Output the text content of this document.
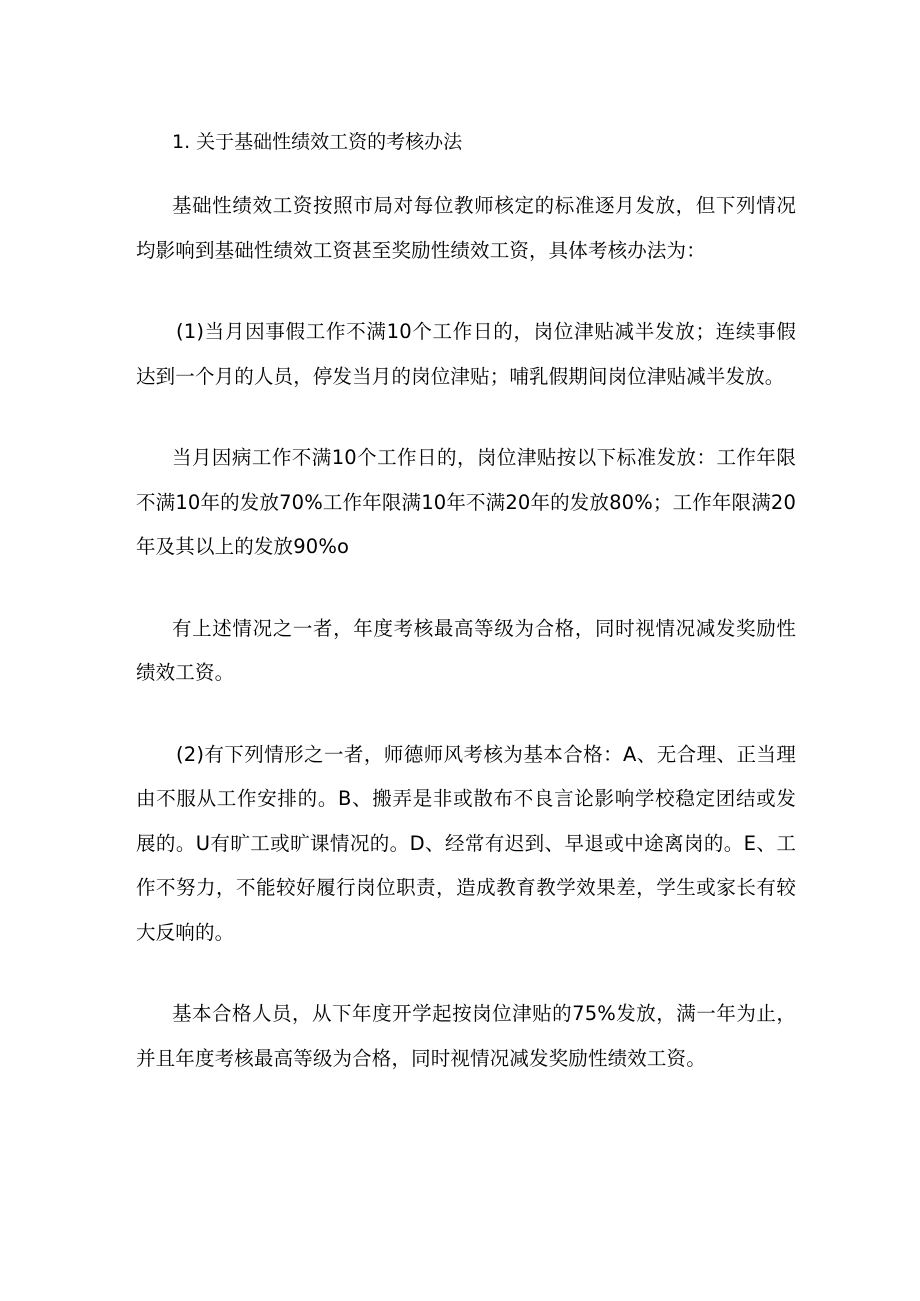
1. 关于基础性绩效工资的考核办法

基础性绩效工资按照市局对每位教师核定的标准逐月发放，但下列情况均影响到基础性绩效工资甚至奖励性绩效工资，具体考核办法为：

(1)当月因事假工作不满10个工作日的，岗位津贴减半发放；连续事假达到一个月的人员，停发当月的岗位津贴；哺乳假期间岗位津贴减半发放。

当月因病工作不满10个工作日的，岗位津贴按以下标准发放：工作年限不满10年的发放70%工作年限满10年不满20年的发放80%；工作年限满20年及其以上的发放90%o

有上述情况之一者，年度考核最高等级为合格，同时视情况减发奖励性绩效工资。

(2)有下列情形之一者，师德师风考核为基本合格：A、无合理、正当理由不服从工作安排的。B、搬弄是非或散布不良言论影响学校稳定团结或发展的。U有旷工或旷课情况的。D、经常有迟到、早退或中途离岗的。E、工作不努力，不能较好履行岗位职责，造成教育教学效果差，学生或家长有较大反响的。

基本合格人员，从下年度开学起按岗位津贴的75%发放，满一年为止，并且年度考核最高等级为合格，同时视情况减发奖励性绩效工资。
